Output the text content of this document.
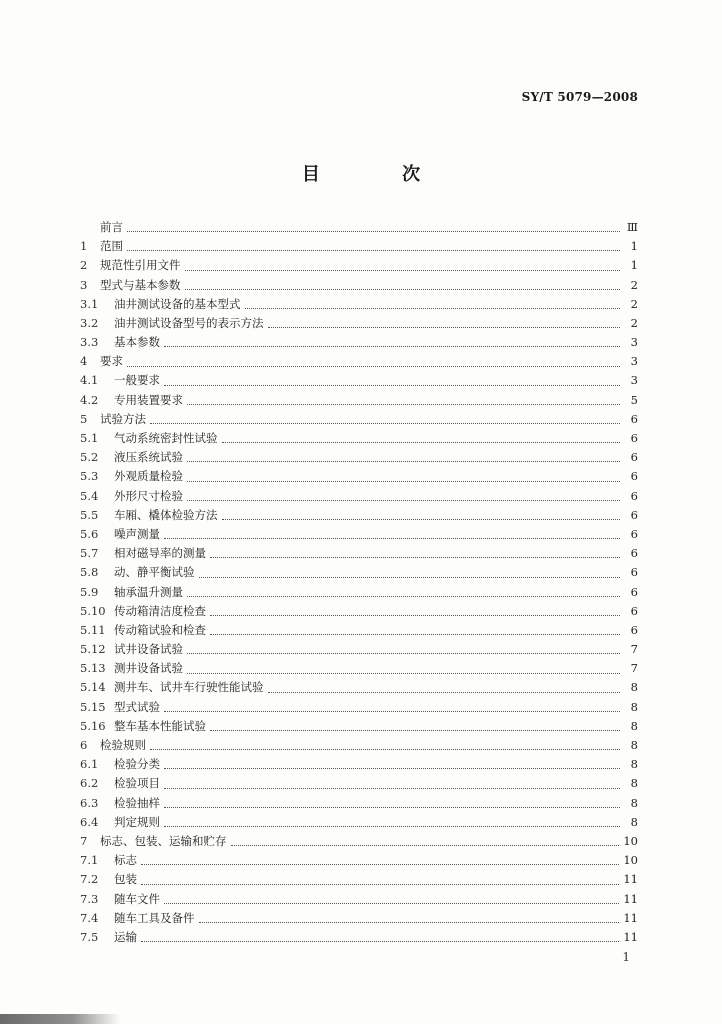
SY/T 5079—2008
目 次
前言	Ⅲ
1	范围	1
2	规范性引用文件	1
3	型式与基本参数	2
3.1	油井测试设备的基本型式	2
3.2	油井测试设备型号的表示方法	2
3.3	基本参数	3
4	要求	3
4.1	一般要求	3
4.2	专用装置要求	5
5	试验方法	6
5.1	气动系统密封性试验	6
5.2	液压系统试验	6
5.3	外观质量检验	6
5.4	外形尺寸检验	6
5.5	车厢、橇体检验方法	6
5.6	噪声测量	6
5.7	相对磁导率的测量	6
5.8	动、静平衡试验	6
5.9	轴承温升测量	6
5.10 传动箱清洁度检查	6
5.11 传动箱试验和检查	6
5.12 试井设备试验	7
5.13 测井设备试验	7
5.14 测井车、试井车行驶性能试验	8
5.15 型式试验	8
5.16 整车基本性能试验	8
6	检验规则	8
6.1	检验分类	8
6.2	检验项目	8
6.3	检验抽样	8
6.4	判定规则	8
7	标志、包装、运输和贮存	10
7.1	标志	10
7.2	包装	11
7.3	随车文件	11
7.4	随车工具及备件	11
7.5	运输	11
1
